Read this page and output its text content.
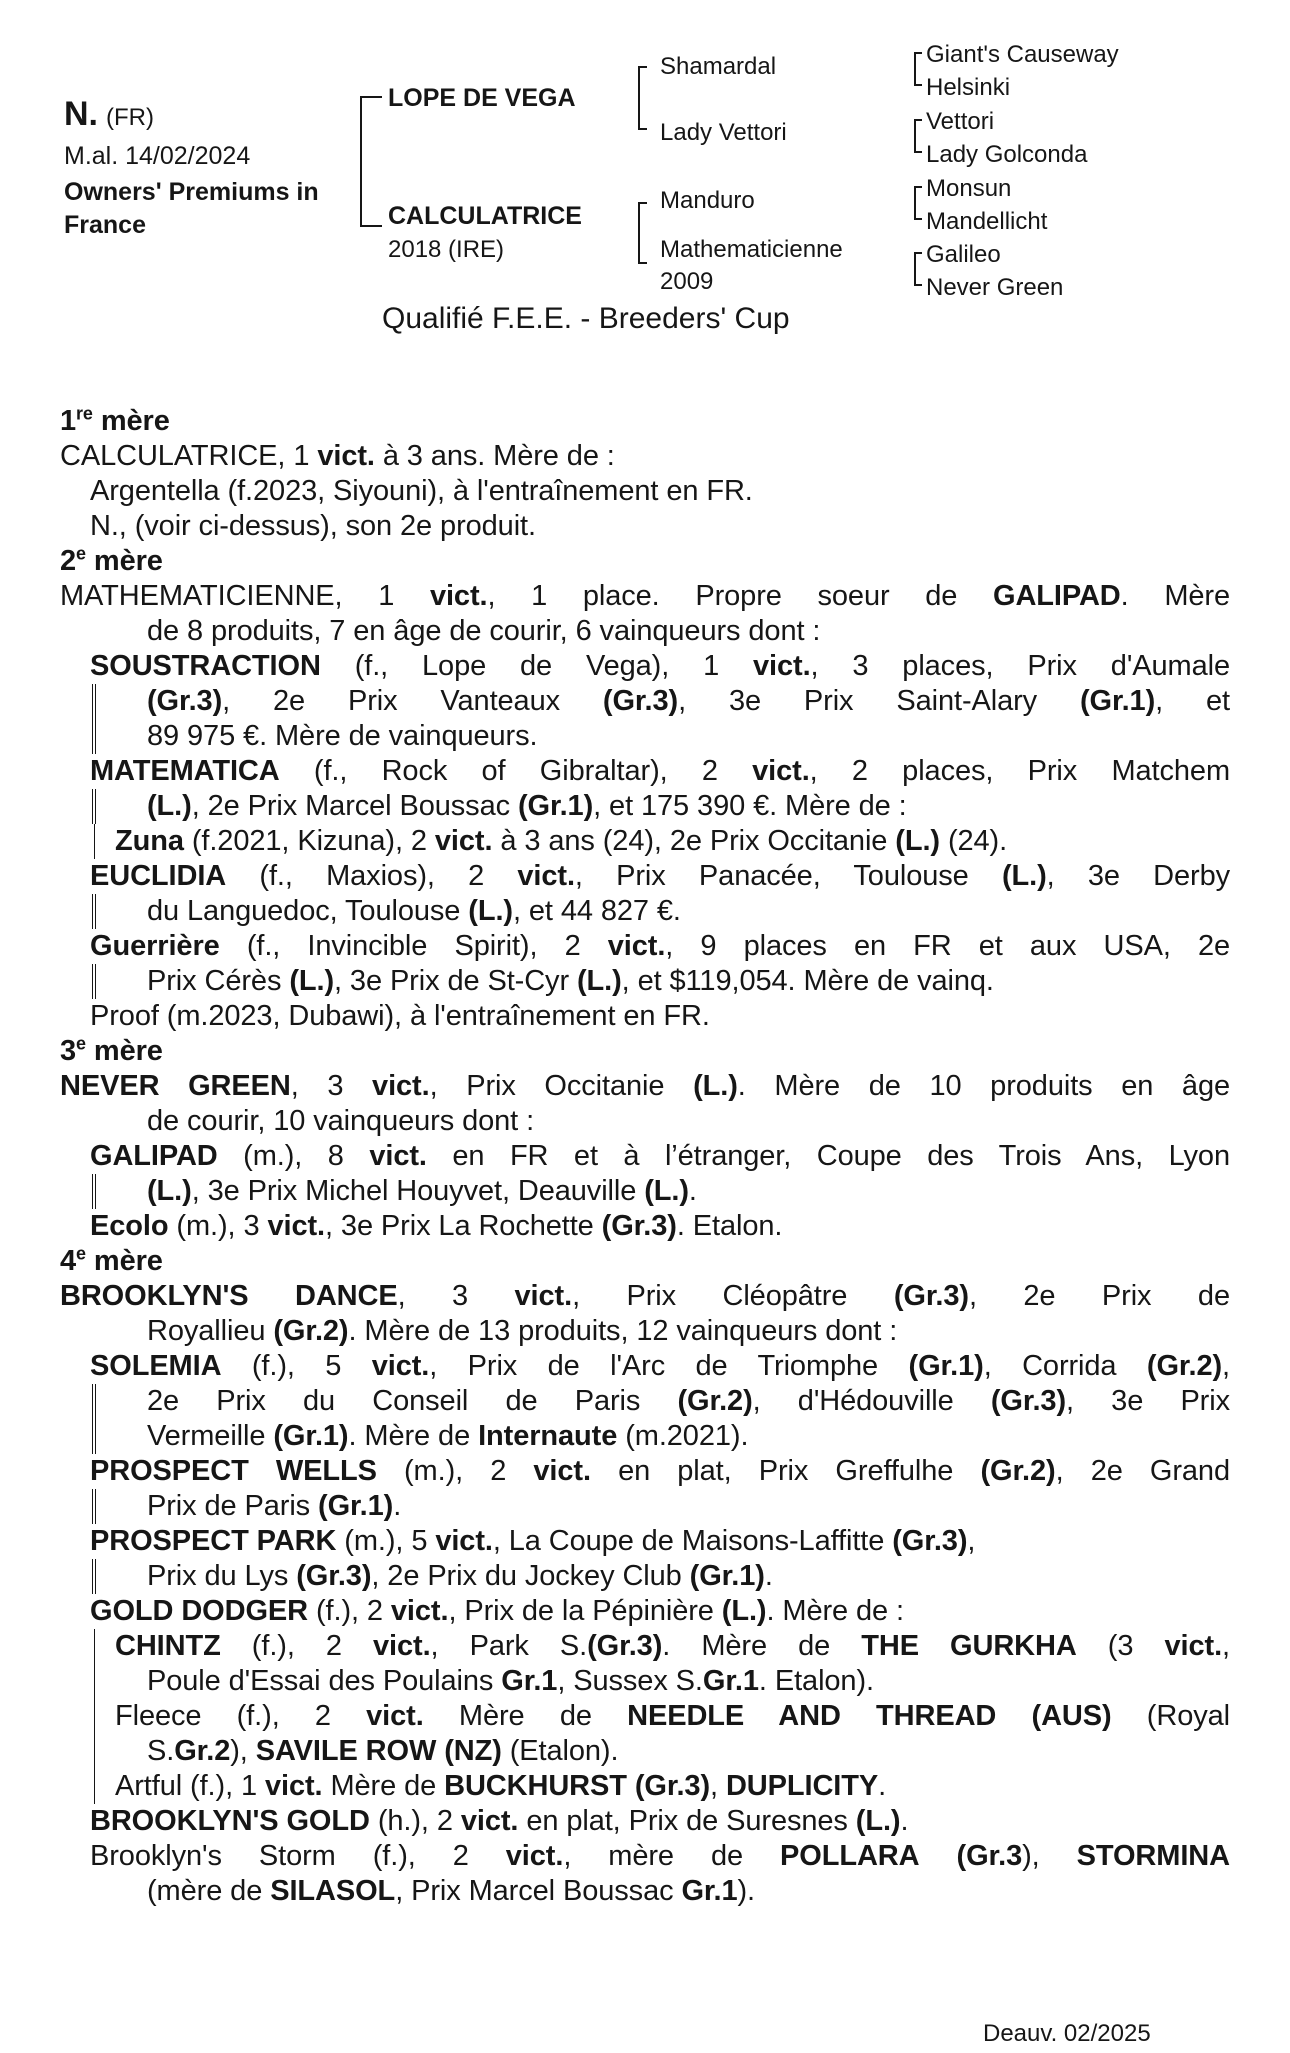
N. (FR)
M.al. 14/02/2024
Owners' Premiums in France
LOPE DE VEGA
CALCULATRICE
2018 (IRE)
Shamardal
Lady Vettori
Manduro
Mathematicienne
2009
Giant's Causeway
Helsinki
Vettori
Lady Golconda
Monsun
Mandellicht
Galileo
Never Green
Qualifié F.E.E. - Breeders' Cup
1re mère
CALCULATRICE, 1 vict. à 3 ans. Mère de :
Argentella (f.2023, Siyouni), à l'entraînement en FR.
N., (voir ci-dessus), son 2e produit.
2e mère
MATHEMATICIENNE, 1 vict., 1 place. Propre soeur de GALIPAD. Mère
de 8 produits, 7 en âge de courir, 6 vainqueurs dont :
SOUSTRACTION (f., Lope de Vega), 1 vict., 3 places, Prix d'Aumale
(Gr.3), 2e Prix Vanteaux (Gr.3), 3e Prix Saint-Alary (Gr.1), et
89 975 €. Mère de vainqueurs.
MATEMATICA (f., Rock of Gibraltar), 2 vict., 2 places, Prix Matchem
(L.), 2e Prix Marcel Boussac (Gr.1), et 175 390 €. Mère de :
Zuna (f.2021, Kizuna), 2 vict. à 3 ans (24), 2e Prix Occitanie (L.) (24).
EUCLIDIA (f., Maxios), 2 vict., Prix Panacée, Toulouse (L.), 3e Derby
du Languedoc, Toulouse (L.), et 44 827 €.
Guerrière (f., Invincible Spirit), 2 vict., 9 places en FR et aux USA, 2e
Prix Cérès (L.), 3e Prix de St-Cyr (L.), et $119,054. Mère de vainq.
Proof (m.2023, Dubawi), à l'entraînement en FR.
3e mère
NEVER GREEN, 3 vict., Prix Occitanie (L.). Mère de 10 produits en âge
de courir, 10 vainqueurs dont :
GALIPAD (m.), 8 vict. en FR et à l’étranger, Coupe des Trois Ans, Lyon
(L.), 3e Prix Michel Houyvet, Deauville (L.).
Ecolo (m.), 3 vict., 3e Prix La Rochette (Gr.3). Etalon.
4e mère
BROOKLYN'S DANCE, 3 vict., Prix Cléopâtre (Gr.3), 2e Prix de
Royallieu (Gr.2). Mère de 13 produits, 12 vainqueurs dont :
SOLEMIA (f.), 5 vict., Prix de l'Arc de Triomphe (Gr.1), Corrida (Gr.2),
2e Prix du Conseil de Paris (Gr.2), d'Hédouville (Gr.3), 3e Prix
Vermeille (Gr.1). Mère de Internaute (m.2021).
PROSPECT WELLS (m.), 2 vict. en plat, Prix Greffulhe (Gr.2), 2e Grand
Prix de Paris (Gr.1).
PROSPECT PARK (m.), 5 vict., La Coupe de Maisons-Laffitte (Gr.3),
Prix du Lys (Gr.3), 2e Prix du Jockey Club (Gr.1).
GOLD DODGER (f.), 2 vict., Prix de la Pépinière (L.). Mère de :
CHINTZ (f.), 2 vict., Park S.(Gr.3). Mère de THE GURKHA (3 vict.,
Poule d'Essai des Poulains Gr.1, Sussex S.Gr.1. Etalon).
Fleece (f.), 2 vict. Mère de NEEDLE AND THREAD (AUS) (Royal
S.Gr.2), SAVILE ROW (NZ) (Etalon).
Artful (f.), 1 vict. Mère de BUCKHURST (Gr.3), DUPLICITY.
BROOKLYN'S GOLD (h.), 2 vict. en plat, Prix de Suresnes (L.).
Brooklyn's Storm (f.), 2 vict., mère de POLLARA (Gr.3), STORMINA
(mère de SILASOL, Prix Marcel Boussac Gr.1).
Deauv. 02/2025
